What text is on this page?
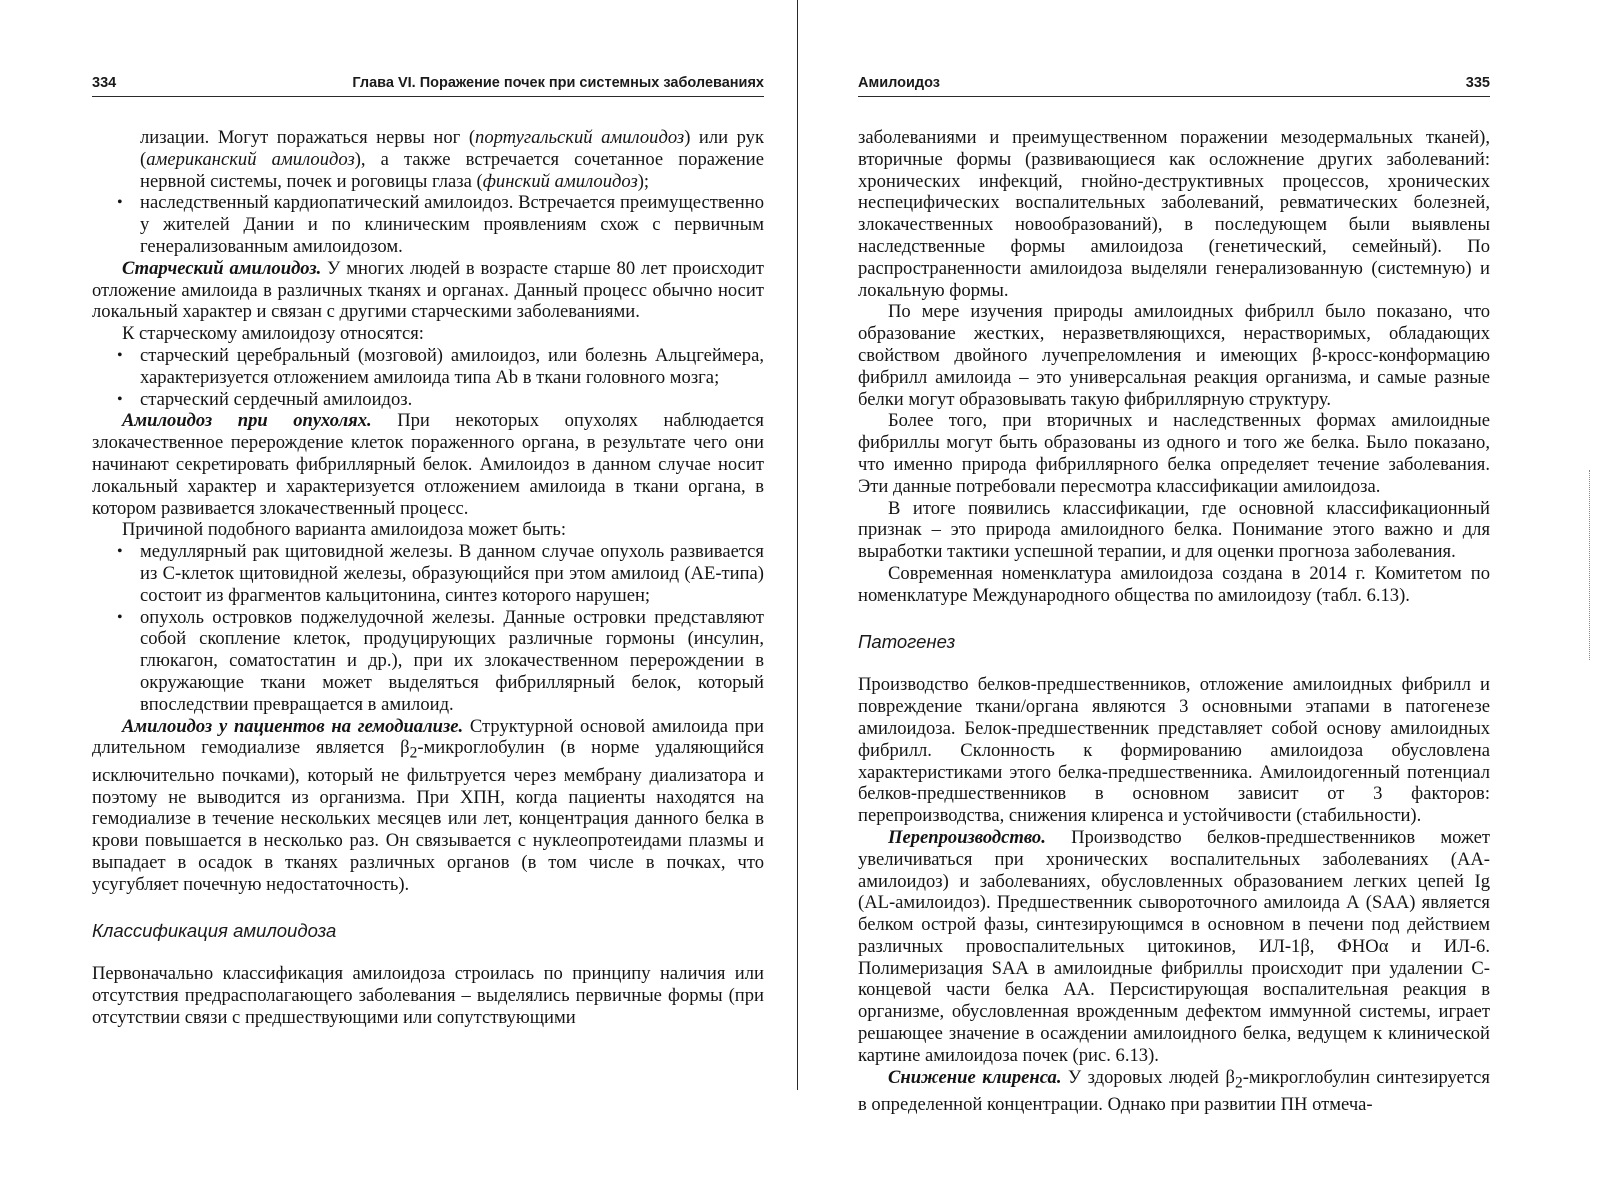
334	Глава VI. Поражение почек при системных заболеваниях

лизации. Могут поражаться нервы ног (португальский амилоидоз) или рук (американский амилоидоз), а также встречается сочетанное поражение нервной системы, почек и роговицы глаза (финский амилоидоз);

• наследственный кардиопатический амилоидоз. Встречается преимущественно у жителей Дании и по клиническим проявлениям схож с первичным генерализованным амилоидозом.

Старческий амилоидоз. У многих людей в возрасте старше 80 лет происходит отложение амилоида в различных тканях и органах. Данный процесс обычно носит локальный характер и связан с другими старческими заболеваниями.

К старческому амилоидозу относятся:

• старческий церебральный (мозговой) амилоидоз, или болезнь Альцгеймера, характеризуется отложением амилоида типа Ab в ткани головного мозга;

• старческий сердечный амилоидоз.

Амилоидоз при опухолях. При некоторых опухолях наблюдается злокачественное перерождение клеток пораженного органа, в результате чего они начинают секретировать фибриллярный белок. Амилоидоз в данном случае носит локальный характер и характеризуется отложением амилоида в ткани органа, в котором развивается злокачественный процесс.

Причиной подобного варианта амилоидоза может быть:

• медуллярный рак щитовидной железы. В данном случае опухоль развивается из С-клеток щитовидной железы, образующийся при этом амилоид (АЕ-типа) состоит из фрагментов кальцитонина, синтез которого нарушен;

• опухоль островков поджелудочной железы. Данные островки представляют собой скопление клеток, продуцирующих различные гормоны (инсулин, глюкагон, соматостатин и др.), при их злокачественном перерождении в окружающие ткани может выделяться фибриллярный белок, который впоследствии превращается в амилоид.

Амилоидоз у пациентов на гемодиализе. Структурной основой амилоида при длительном гемодиализе является $\beta_2$-микроглобулин (в норме удаляющийся исключительно почками), который не фильтруется через мембрану диализатора и поэтому не выводится из организма. При ХПН, когда пациенты находятся на гемодиализе в течение нескольких месяцев или лет, концентрация данного белка в крови повышается в несколько раз. Он связывается с нуклеопротеидами плазмы и выпадает в осадок в тканях различных органов (в том числе в почках, что усугубляет почечную недостаточность).

Классификация амилоидоза

Первоначально классификация амилоидоза строилась по принципу наличия или отсутствия предрасполагающего заболевания – выделялись первичные формы (при отсутствии связи с предшествующими или сопутствующими

Амилоидоз	335

заболеваниями и преимущественном поражении мезодермальных тканей), вторичные формы (развивающиеся как осложнение других заболеваний: хронических инфекций, гнойно-деструктивных процессов, хронических неспецифических воспалительных заболеваний, ревматических болезней, злокачественных новообразований), в последующем были выявлены наследственные формы амилоидоза (генетический, семейный). По распространенности амилоидоза выделяли генерализованную (системную) и локальную формы.

По мере изучения природы амилоидных фибрилл было показано, что образование жестких, неразветвляющихся, нерастворимых, обладающих свойством двойного лучепреломления и имеющих β-кросс-конформацию фибрилл амилоида – это универсальная реакция организма, и самые разные белки могут образовывать такую фибриллярную структуру.

Более того, при вторичных и наследственных формах амилоидные фибриллы могут быть образованы из одного и того же белка. Было показано, что именно природа фибриллярного белка определяет течение заболевания. Эти данные потребовали пересмотра классификации амилоидоза.

В итоге появились классификации, где основной классификационный признак – это природа амилоидного белка. Понимание этого важно и для выработки тактики успешной терапии, и для оценки прогноза заболевания.

Современная номенклатура амилоидоза создана в 2014 г. Комитетом по номенклатуре Международного общества по амилоидозу (табл. 6.13).

Патогенез

Производство белков-предшественников, отложение амилоидных фибрилл и повреждение ткани/органа являются 3 основными этапами в патогенезе амилоидоза. Белок-предшественник представляет собой основу амилоидных фибрилл. Склонность к формированию амилоидоза обусловлена характеристиками этого белка-предшественника. Амилоидогенный потенциал белков-предшественников в основном зависит от 3 факторов: перепроизводства, снижения клиренса и устойчивости (стабильности).

Перепроизводство. Производство белков-предшественников может увеличиваться при хронических воспалительных заболеваниях (АА-амилоидоз) и заболеваниях, обусловленных образованием легких цепей Ig (AL-амилоидоз). Предшественник сывороточного амилоида А (SAA) является белком острой фазы, синтезирующимся в основном в печени под действием различных провоспалительных цитокинов, ИЛ-1β, ФНОα и ИЛ-6. Полимеризация SAA в амилоидные фибриллы происходит при удалении С-концевой части белка АА. Персистирующая воспалительная реакция в организме, обусловленная врожденным дефектом иммунной системы, играет решающее значение в осаждении амилоидного белка, ведущем к клинической картине амилоидоза почек (рис. 6.13).

Снижение клиренса. У здоровых людей $\beta_2$-микроглобулин синтезируется в определенной концентрации. Однако при развитии ПН отмеча-
